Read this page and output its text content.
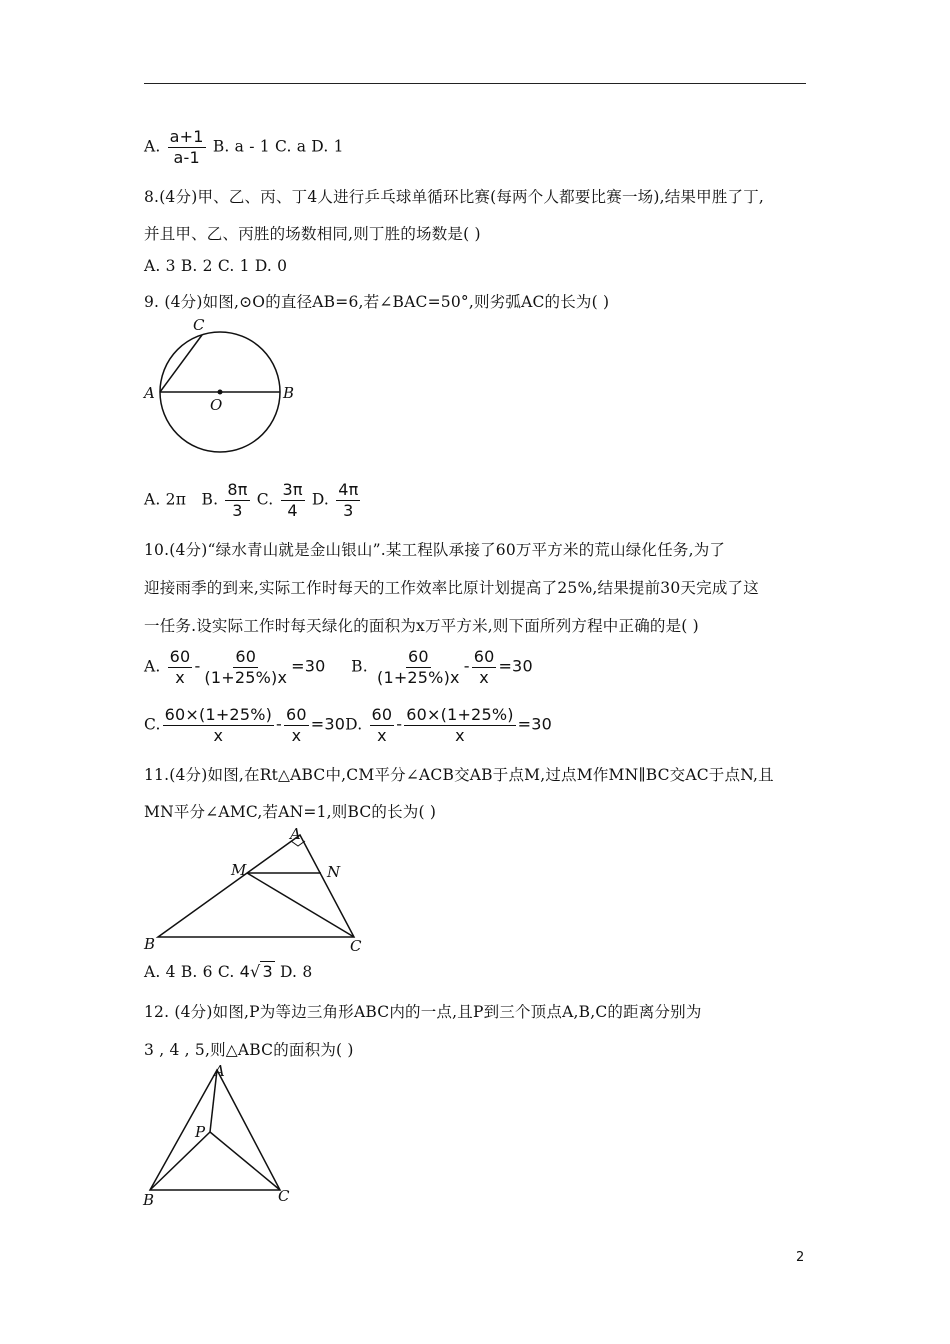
A. $\frac{a+1}{a-1} B$. a - 1 C. a D. 1
8.(4分)甲、乙、丙、丁4人进行乒乓球单循环比赛(每两个人都要比赛一场),结果甲胜了丁,
并且甲、乙、丙胜的场数相同,则丁胜的场数是( )
A. 3 B. 2 C. 1 D. 0
9. (4分)如图,⊙O的直径AB=6,若∠BAC=50°,则劣弧AC的长为( )
C
A
O
B
A. 2π B. $\frac{8\pi}{3} C$. $\frac{3\pi}{4} D$. $\frac{4\pi}{3}$
10.(4分)“绿水青山就是金山银山”.某工程队承接了60万平方米的荒山绿化任务,为了
迎接雨季的到来,实际工作时每天的工作效率比原计划提高了25%,结果提前30天完成了这
一任务.设实际工作时每天绿化的面积为x万平方米,则下面所列方程中正确的是( )
A. $\frac{60}{x} - \frac{60}{(1+25\%)x} =30$ B. $\frac{60}{(1+25\%)x} - \frac{60}{x} =30$
C. $\frac{60\times(1+25\%)}{x} - \frac{60}{x} =30D$. $\frac{60}{x} - \frac{60\times(1+25\%)}{x} =30$
11.(4分)如图,在Rt△ABC中,CM平分∠ACB交AB于点M,过点M作MN∥BC交AC于点N,且
MN平分∠AMC,若AN=1,则BC的长为( )
A
M	N
B	C
A. 4 B. 6 C. 4√ 3 D. 8
12. (4分)如图,P为等边三角形ABC内的一点,且P到三个顶点A,B,C的距离分别为
3 , 4 , 5,则△ABC的面积为( )
A
P
B	C
2
